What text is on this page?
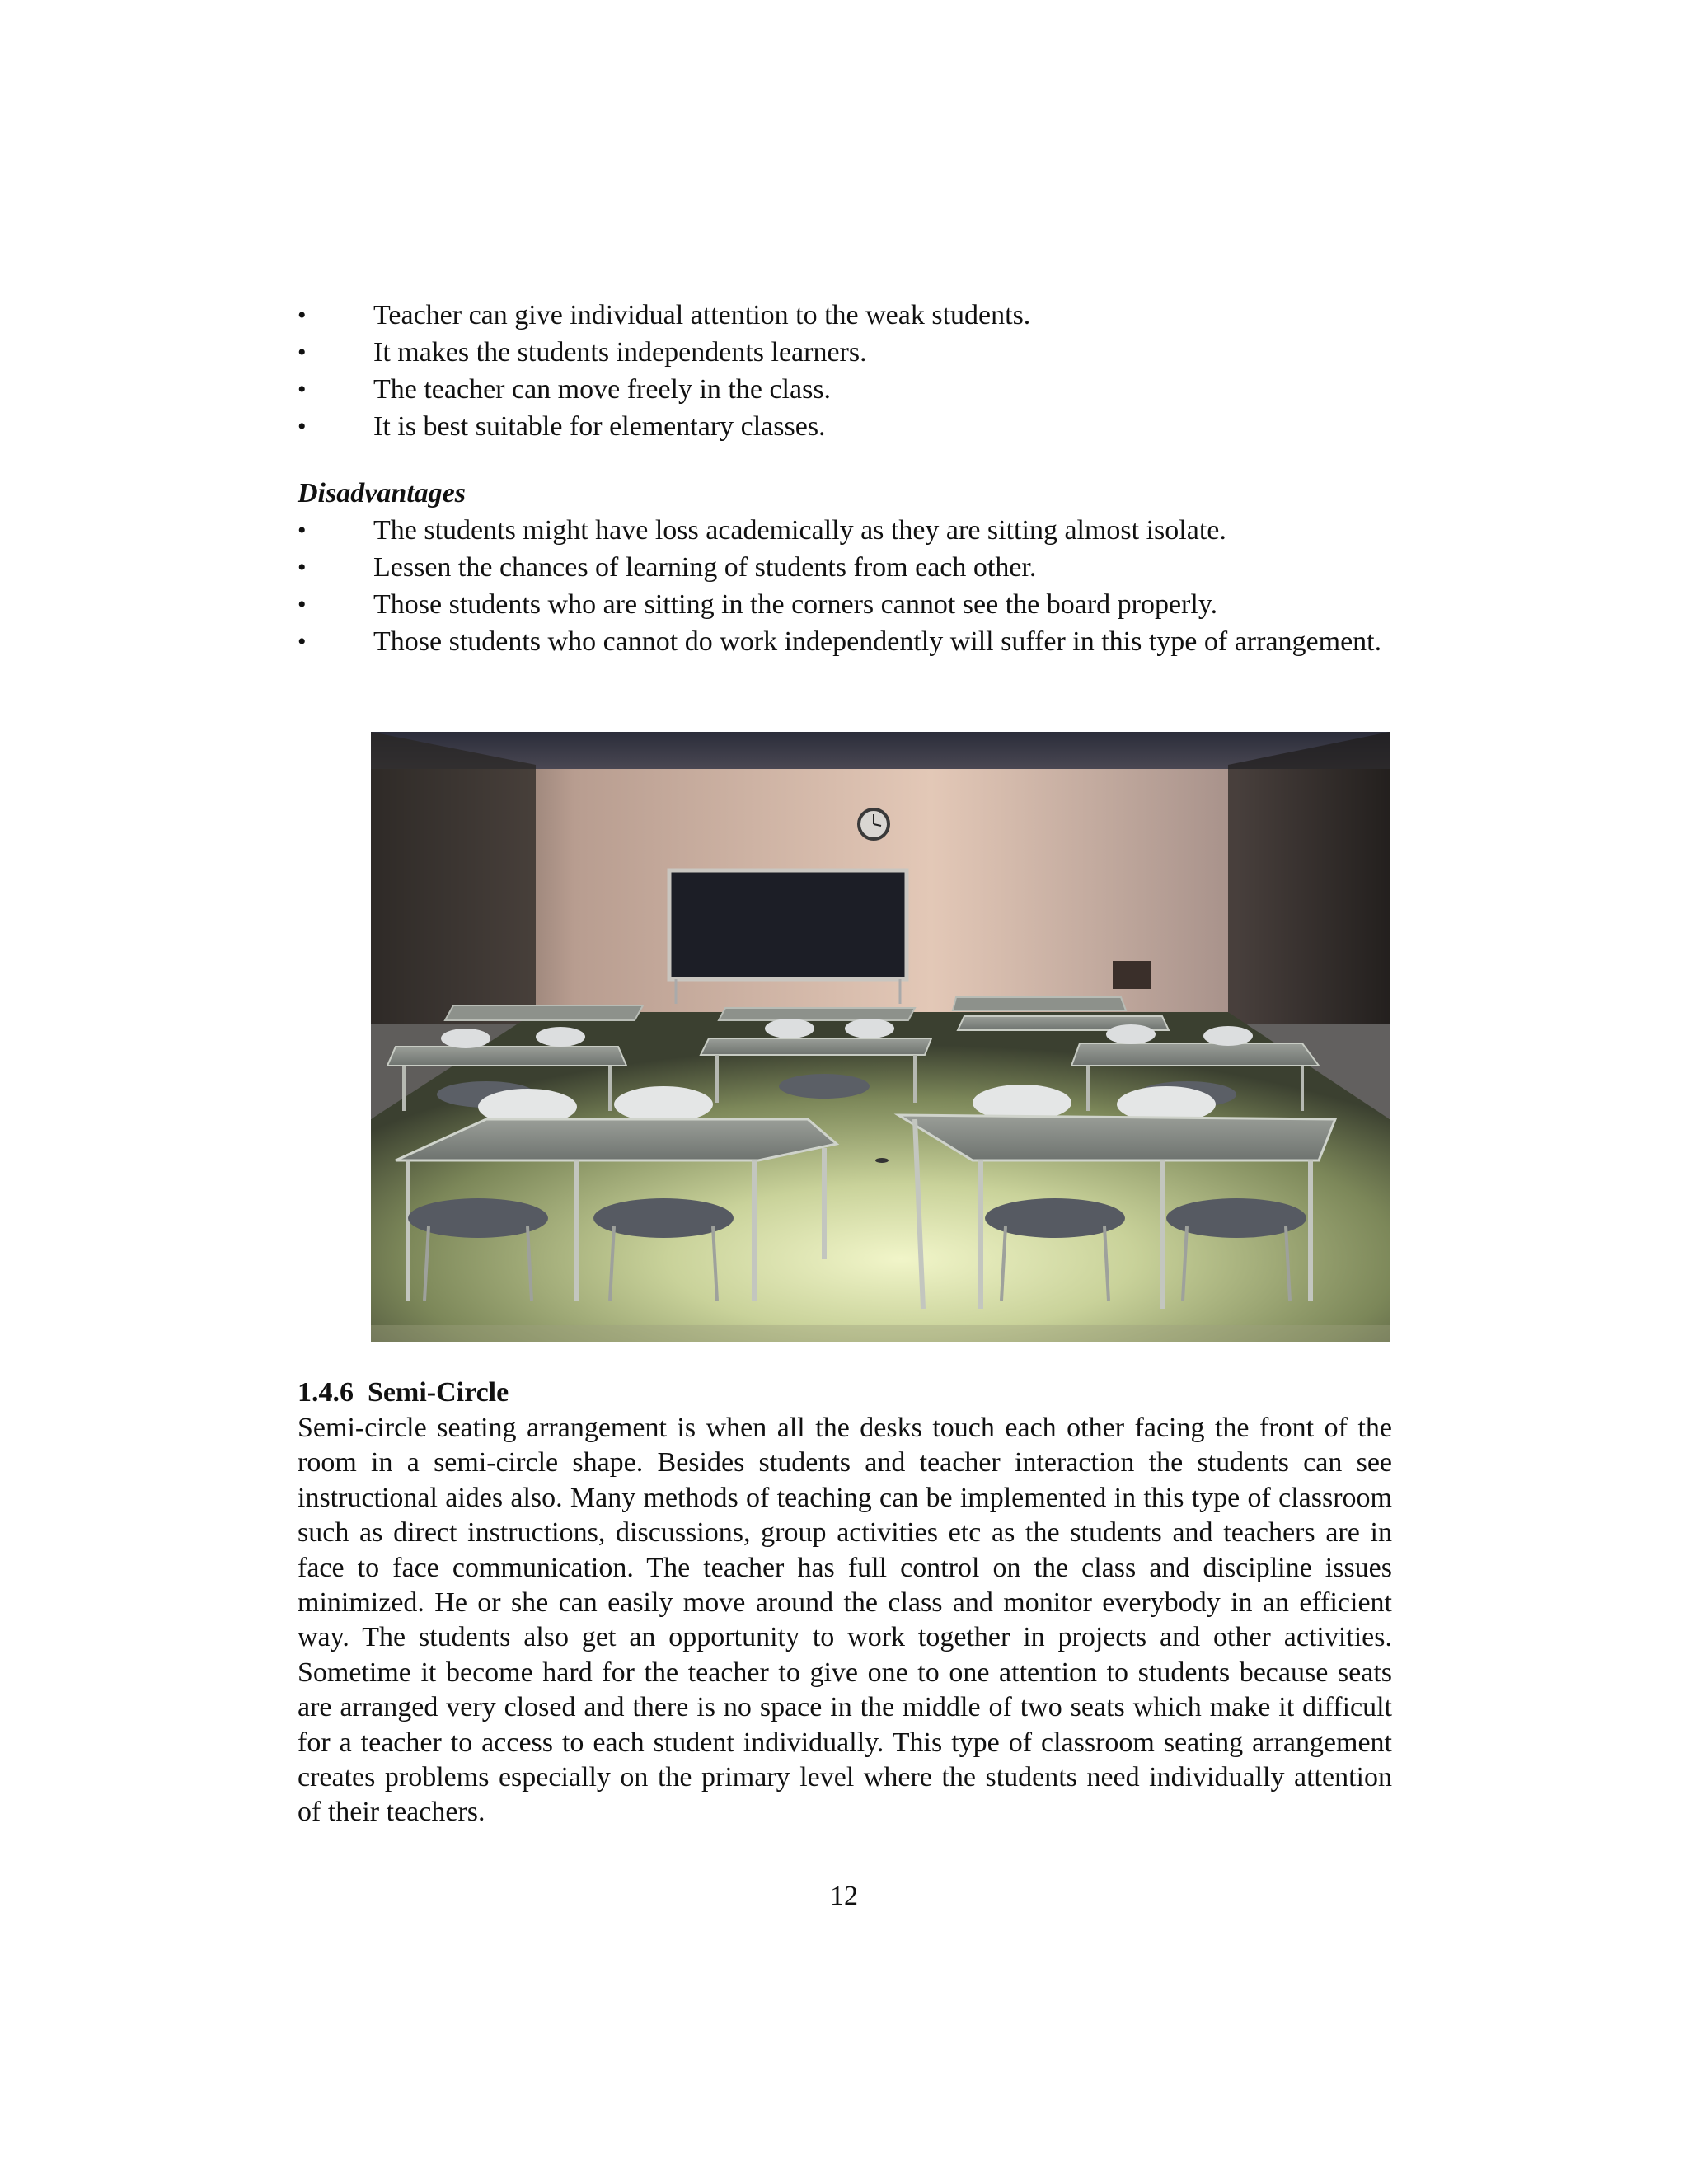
• Teacher can give individual attention to the weak students.
• It makes the students independents learners.
• The teacher can move freely in the class.
• It is best suitable for elementary classes.
Disadvantages
• The students might have loss academically as they are sitting almost isolate.
• Lessen the chances of learning of students from each other.
• Those students who are sitting in the corners cannot see the board properly.
• Those students who cannot do work independently will suffer in this type of arrangement.
1.4.6 Semi-Circle

Semi-circle seating arrangement is when all the desks touch each other facing the front of the room in a semi-circle shape. Besides students and teacher interaction the students can see instructional aides also. Many methods of teaching can be implemented in this type of classroom such as direct instructions, discussions, group activities etc as the students and teachers are in face to face communication. The teacher has full control on the class and discipline issues minimized. He or she can easily move around the class and monitor everybody in an efficient way. The students also get an opportunity to work together in projects and other activities. Sometime it become hard for the teacher to give one to one attention to students because seats are arranged very closed and there is no space in the middle of two seats which make it difficult for a teacher to access to each student individually. This type of classroom seating arrangement creates problems especially on the primary level where the students need individually attention of their teachers.

12
